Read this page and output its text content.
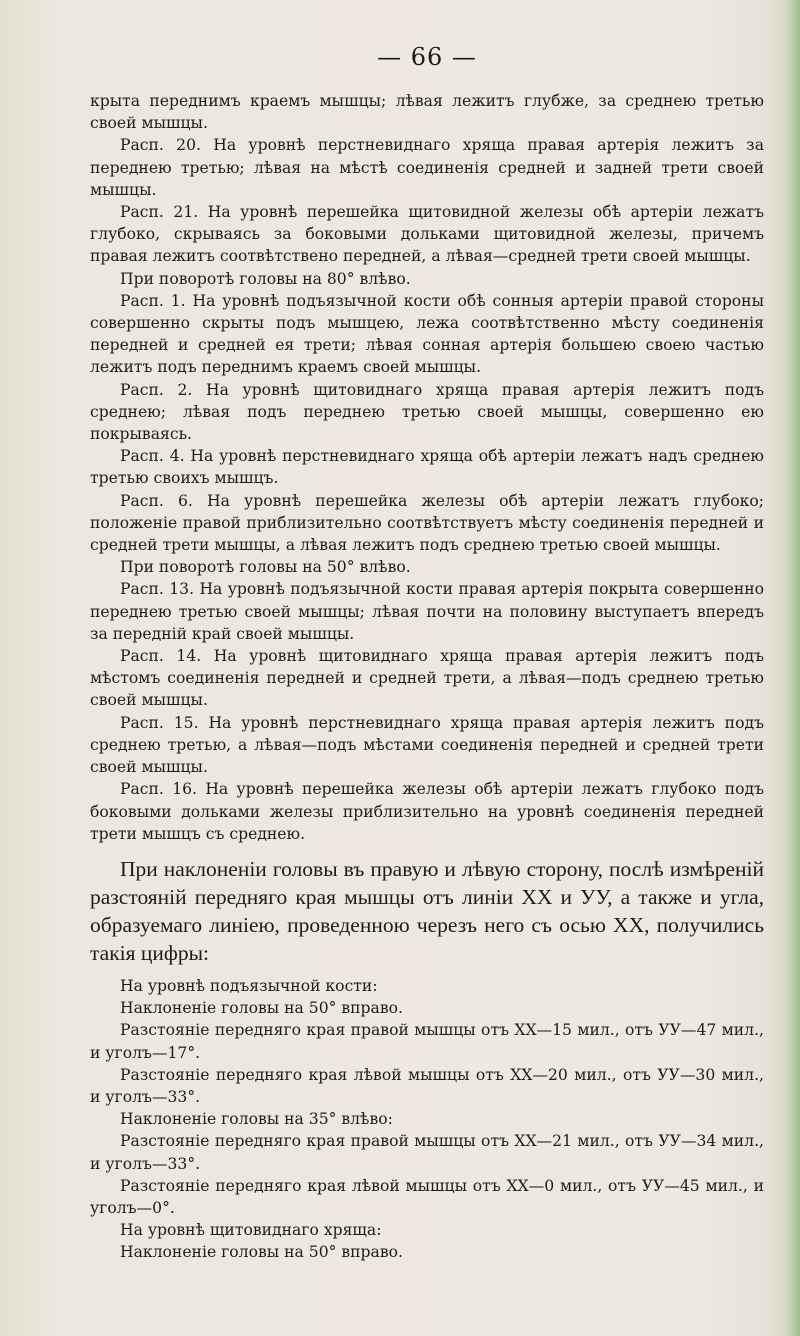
— 66 —

крыта переднимъ краемъ мышцы; лѣвая лежитъ глубже, за среднею третью своей мышцы.

Расп. 20. На уровнѣ перстневиднаго хряща правая артерія лежитъ за переднею третью; лѣвая на мѣстѣ соединенія средней и задней трети своей мышцы.

Расп. 21. На уровнѣ перешейка щитовидной железы обѣ артеріи лежатъ глубоко, скрываясь за боковыми дольками щитовидной железы, причемъ правая лежитъ соотвѣтствено передней, а лѣвая—средней трети своей мышцы.

При поворотѣ головы на 80° влѣво.

Расп. 1. На уровнѣ подъязычной кости обѣ сонныя артеріи правой стороны совершенно скрыты подъ мышцею, лежа соотвѣтственно мѣсту соединенія передней и средней ея трети; лѣвая сонная артерія большею своею частью лежитъ подъ переднимъ краемъ своей мышцы.

Расп. 2. На уровнѣ щитовиднаго хряща правая артерія лежитъ подъ среднею; лѣвая подъ переднею третью своей мышцы, совершенно ею покрываясь.

Расп. 4. На уровнѣ перстневиднаго хряща обѣ артеріи лежатъ надъ среднею третью своихъ мышцъ.

Расп. 6. На уровнѣ перешейка железы обѣ артеріи лежатъ глубоко; положеніе правой приблизительно соотвѣтствуетъ мѣсту соединенія передней и средней трети мышцы, а лѣвая лежитъ подъ среднею третью своей мышцы.

При поворотѣ головы на 50° влѣво.

Расп. 13. На уровнѣ подъязычной кости правая артерія покрыта совершенно переднею третью своей мышцы; лѣвая почти на половину выступаетъ впередъ за передній край своей мышцы.

Расп. 14. На уровнѣ щитовиднаго хряща правая артерія лежитъ подъ мѣстомъ соединенія передней и средней трети, а лѣвая—подъ среднею третью своей мышцы.

Расп. 15. На уровнѣ перстневиднаго хряща правая артерія лежитъ подъ среднею третью, а лѣвая—подъ мѣстами соединенія передней и средней трети своей мышцы.

Расп. 16. На уровнѣ перешейка железы обѣ артеріи лежатъ глубоко подъ боковыми дольками железы приблизительно на уровнѣ соединенія передней трети мышцъ съ среднею.

При наклоненіи головы въ правую и лѣвую сторону, послѣ измѣреній разстояній передняго края мышцы отъ линіи ХХ и УУ, а также и угла, образуемаго линіею, проведенною черезъ него съ осью ХХ, получились такія цифры:

На уровнѣ подъязычной кости:

Наклоненіе головы на 50° вправо.

Разстояніе передняго края правой мышцы отъ ХХ—15 мил., отъ УУ—47 мил., и уголъ—17°.

Разстояніе передняго края лѣвой мышцы отъ ХХ—20 мил., отъ УУ—30 мил., и уголъ—33°.

Наклоненіе головы на 35° влѣво:

Разстояніе передняго края правой мышцы отъ ХХ—21 мил., отъ УУ—34 мил., и уголъ—33°.

Разстояніе передняго края лѣвой мышцы отъ ХХ—0 мил., отъ УУ—45 мил., и уголъ—0°.

На уровнѣ щитовиднаго хряща:

Наклоненіе головы на 50° вправо.
